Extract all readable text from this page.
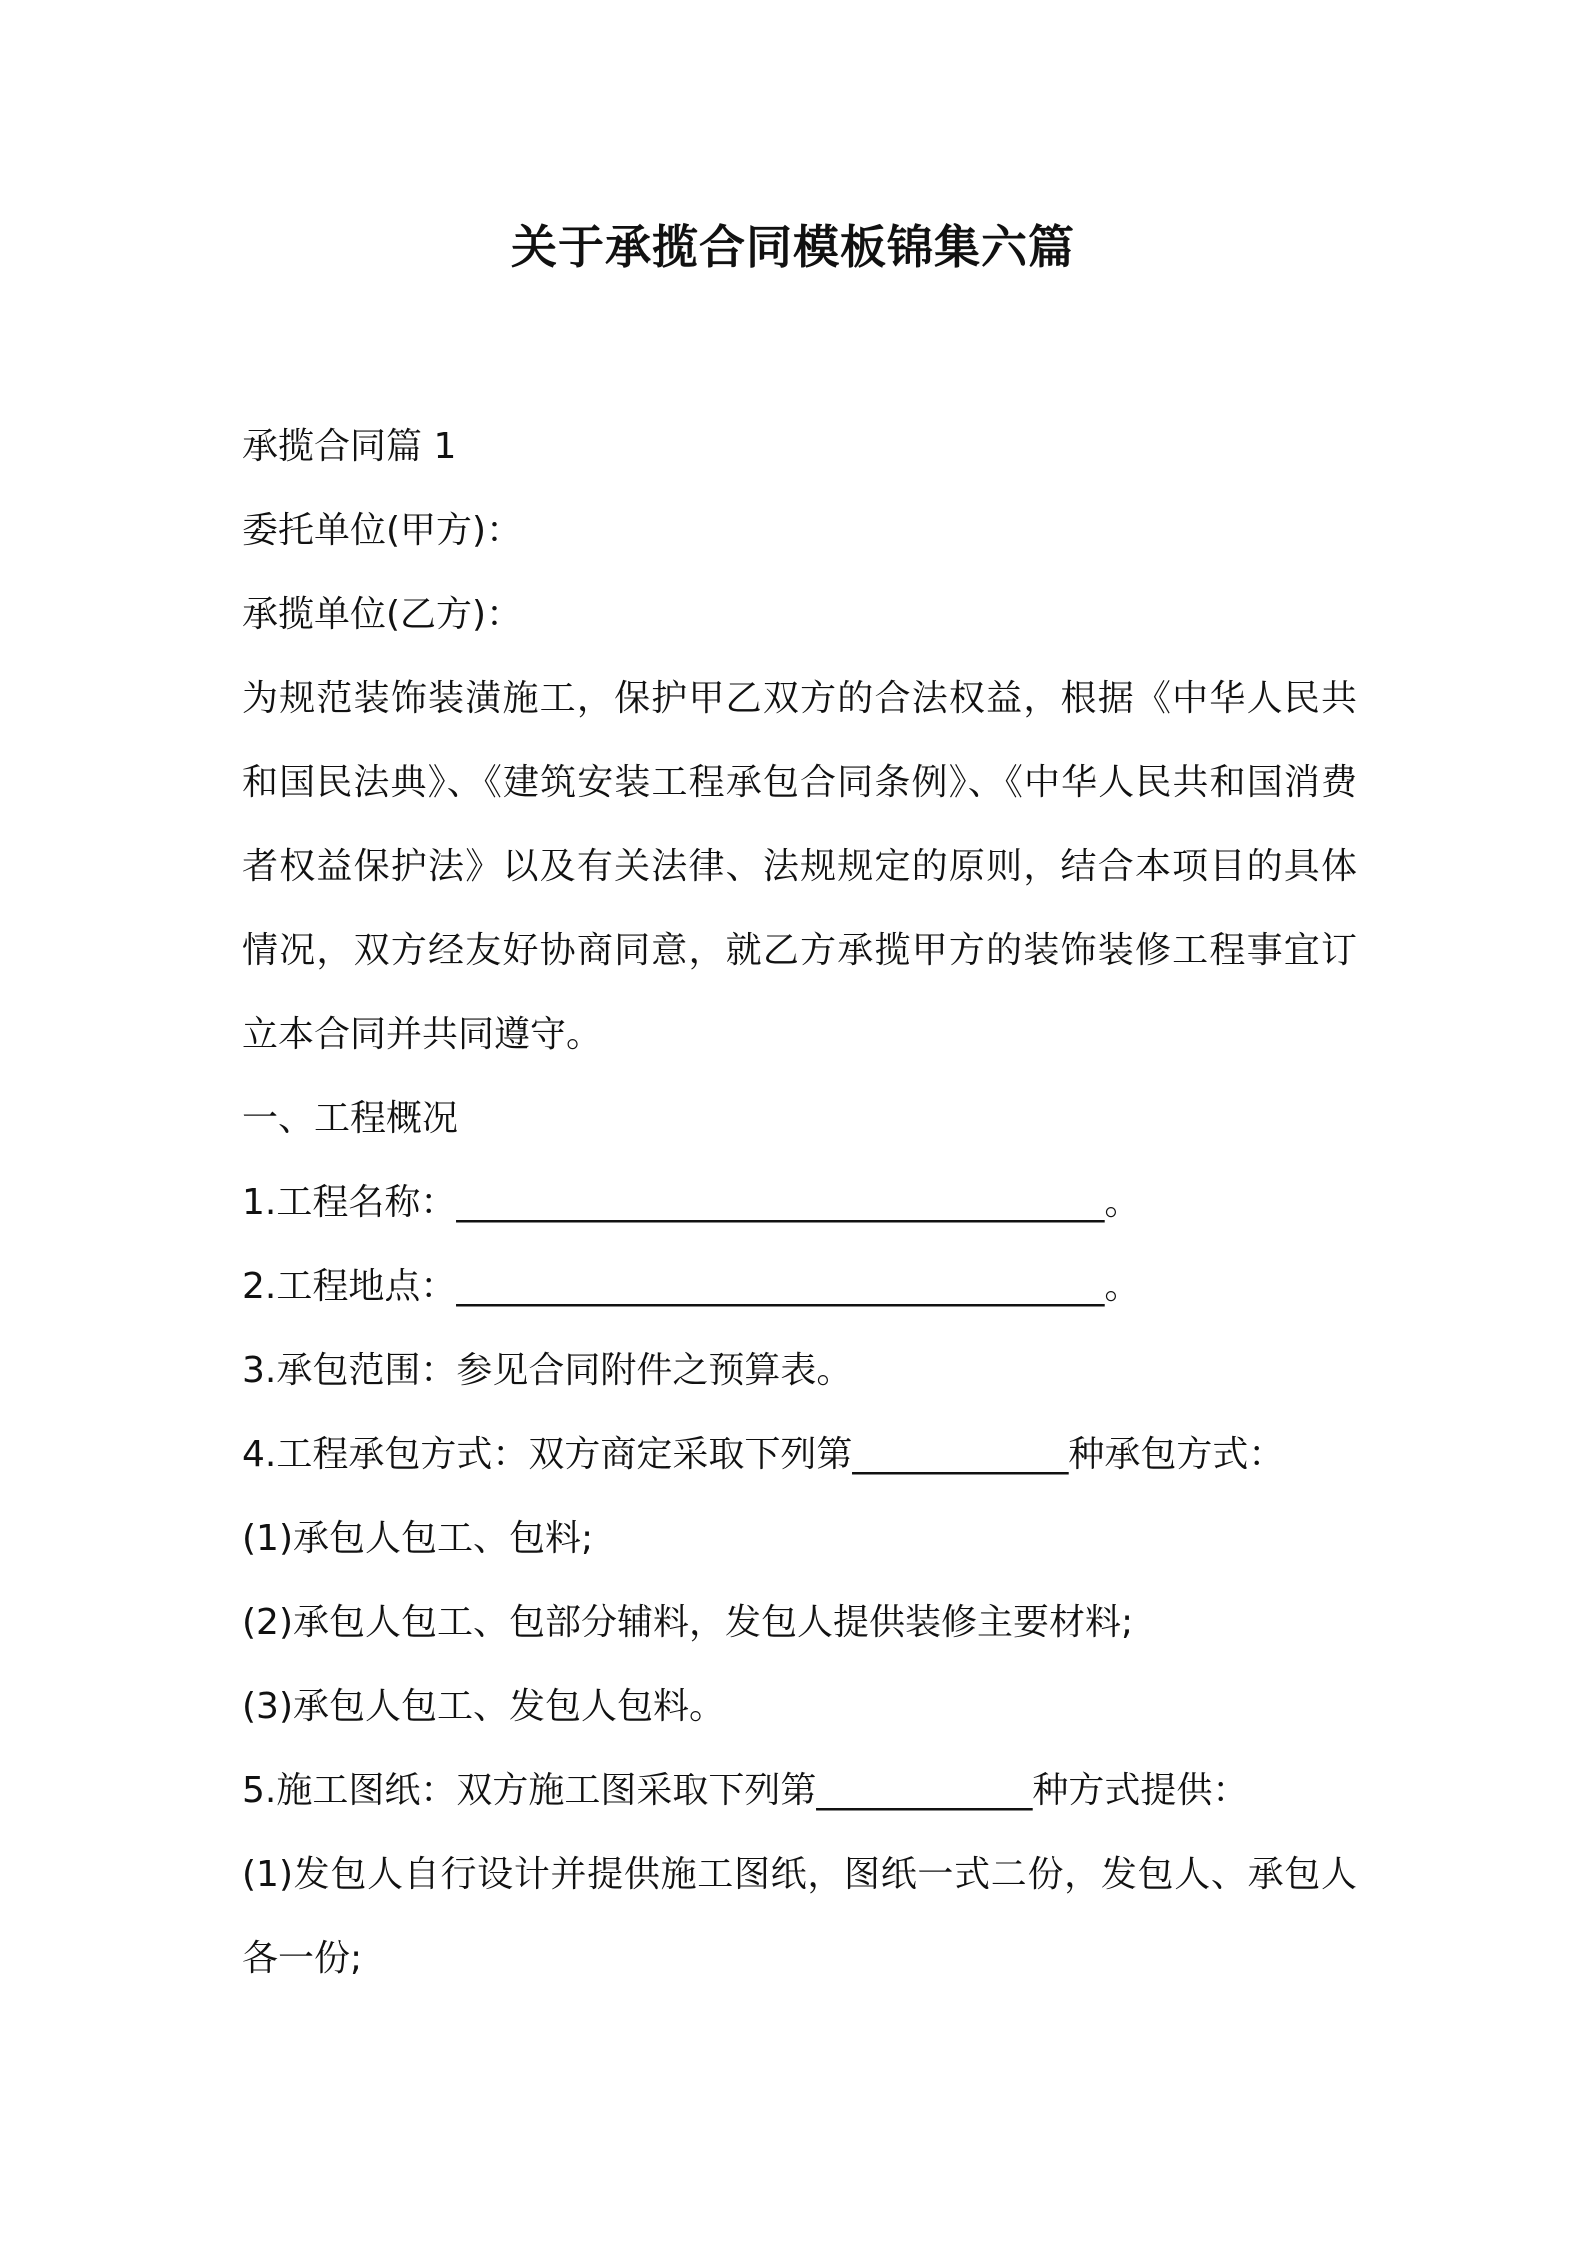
关于承揽合同模板锦集六篇

承揽合同篇 1

委托单位(甲方)：

承揽单位(乙方)：

为规范装饰装潢施工，保护甲乙双方的合法权益，根据《中华人民共和国民法典》、《建筑安装工程承包合同条例》、《中华人民共和国消费者权益保护法》以及有关法律、法规规定的原则，结合本项目的具体情况，双方经友好协商同意，就乙方承揽甲方的装饰装修工程事宜订立本合同并共同遵守。

一、工程概况

1.工程名称：____________________________________。

2.工程地点：____________________________________。

3.承包范围：参见合同附件之预算表。

4.工程承包方式：双方商定采取下列第____________种承包方式：

(1)承包人包工、包料;

(2)承包人包工、包部分辅料，发包人提供装修主要材料;

(3)承包人包工、发包人包料。

5.施工图纸：双方施工图采取下列第____________种方式提供：

(1)发包人自行设计并提供施工图纸，图纸一式二份，发包人、承包人各一份;
